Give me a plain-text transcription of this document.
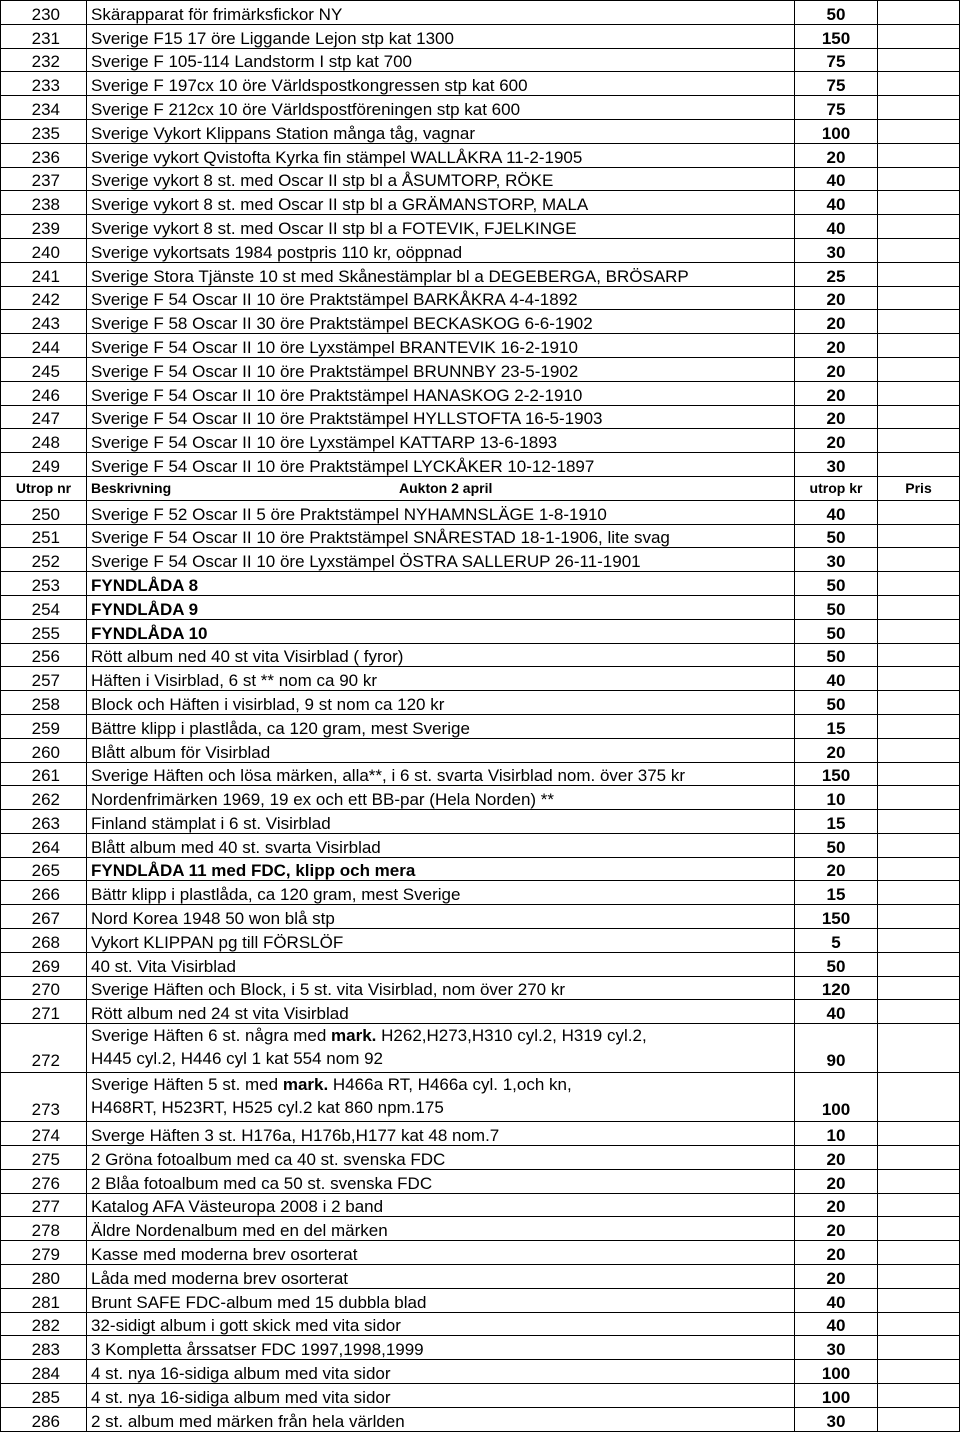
230	Skärapparat för frimärksfickor NY	50	
231	Sverige F15 17 öre Liggande Lejon stp kat 1300	150	
232	Sverige F 105-114 Landstorm I stp kat 700	75	
233	Sverige F 197cx 10 öre Världspostkongressen stp kat 600	75	
234	Sverige F 212cx 10 öre Världspostföreningen stp kat 600	75	
235	Sverige Vykort Klippans Station många tåg, vagnar	100	
236	Sverige vykort Qvistofta Kyrka fin stämpel WALLÅKRA 11-2-1905	20	
237	Sverige vykort 8 st. med Oscar II stp bl a ÅSUMTORP, RÖKE	40	
238	Sverige vykort 8 st. med Oscar II stp bl a GRÄMANSTORP, MALA	40	
239	Sverige vykort 8 st. med Oscar II stp bl a FOTEVIK, FJELKINGE	40	
240	Sverige vykortsats 1984 postpris 110 kr, oöppnad	30	
241	Sverige Stora Tjänste 10 st med Skånestämplar bl a DEGEBERGA, BRÖSARP	25	
242	Sverige F 54 Oscar II 10 öre Praktstämpel BARKÅKRA 4-4-1892	20	
243	Sverige F 58 Oscar II 30 öre Praktstämpel BECKASKOG 6-6-1902	20	
244	Sverige F 54 Oscar II 10 öre Lyxstämpel BRANTEVIK 16-2-1910	20	
245	Sverige F 54 Oscar II 10 öre Praktstämpel BRUNNBY 23-5-1902	20	
246	Sverige F 54 Oscar II 10 öre Praktstämpel HANASKOG 2-2-1910	20	
247	Sverige F 54 Oscar II 10 öre Praktstämpel HYLLSTOFTA 16-5-1903	20	
248	Sverige F 54 Oscar II 10 öre Lyxstämpel KATTARP 13-6-1893	20	
249	Sverige F 54 Oscar II 10 öre Praktstämpel LYCKÅKER 10-12-1897	30	
Utrop nr	Beskrivning Aukton 2 april	utrop kr	Pris
250	Sverige F 52 Oscar II 5 öre Praktstämpel NYHAMNSLÄGE 1-8-1910	40	
251	Sverige F 54 Oscar II 10 öre Praktstämpel SNÅRESTAD 18-1-1906, lite svag	50	
252	Sverige F 54 Oscar II 10 öre Lyxstämpel ÖSTRA SALLERUP 26-11-1901	30	
253	FYNDLÅDA 8	50	
254	FYNDLÅDA 9	50	
255	FYNDLÅDA 10	50	
256	Rött album ned 40 st vita Visirblad ( fyror)	50	
257	Häften i Visirblad, 6 st ** nom ca 90 kr	40	
258	Block och Häften i visirblad, 9 st nom ca 120 kr	50	
259	Bättre klipp i plastlåda, ca 120 gram, mest Sverige	15	
260	Blått album för Visirblad	20	
261	Sverige Häften och lösa märken, alla**, i 6 st. svarta Visirblad nom. över 375 kr	150	
262	Nordenfrimärken 1969, 19 ex och ett BB-par (Hela Norden) **	10	
263	Finland stämplat i 6 st. Visirblad	15	
264	Blått album med 40 st. svarta Visirblad	50	
265	FYNDLÅDA 11 med FDC, klipp och mera	20	
266	Bättr klipp i plastlåda, ca 120 gram, mest Sverige	15	
267	Nord Korea 1948 50 won blå stp	150	
268	Vykort KLIPPAN pg till FÖRSLÖF	5	
269	40 st. Vita Visirblad	50	
270	Sverige Häften och Block, i 5 st. vita Visirblad, nom över 270 kr	120	
271	Rött album ned 24 st vita Visirblad	40	
272	Sverige Häften 6 st. några med mark. H262,H273,H310 cyl.2, H319 cyl.2,
H445 cyl.2, H446 cyl 1 kat 554 nom 92	90	
273	Sverige Häften 5 st. med mark. H466a RT, H466a cyl. 1,och kn,
H468RT, H523RT, H525 cyl.2 kat 860 npm.175	100	
274	Sverge Häften 3 st. H176a, H176b,H177 kat 48 nom.7	10	
275	2 Gröna fotoalbum med ca 40 st. svenska FDC	20	
276	2 Blåa fotoalbum med ca 50 st. svenska FDC	20	
277	Katalog AFA Västeuropa 2008 i 2 band	20	
278	Äldre Nordenalbum med en del märken	20	
279	Kasse med moderna brev osorterat	20	
280	Låda med moderna brev osorterat	20	
281	Brunt SAFE FDC-album med 15 dubbla blad	40	
282	32-sidigt album i gott skick med vita sidor	40	
283	3 Kompletta årssatser FDC 1997,1998,1999	30	
284	4 st. nya 16-sidiga album med vita sidor	100	
285	4 st. nya 16-sidiga album med vita sidor	100	
286	2 st. album med märken från hela världen	30	
